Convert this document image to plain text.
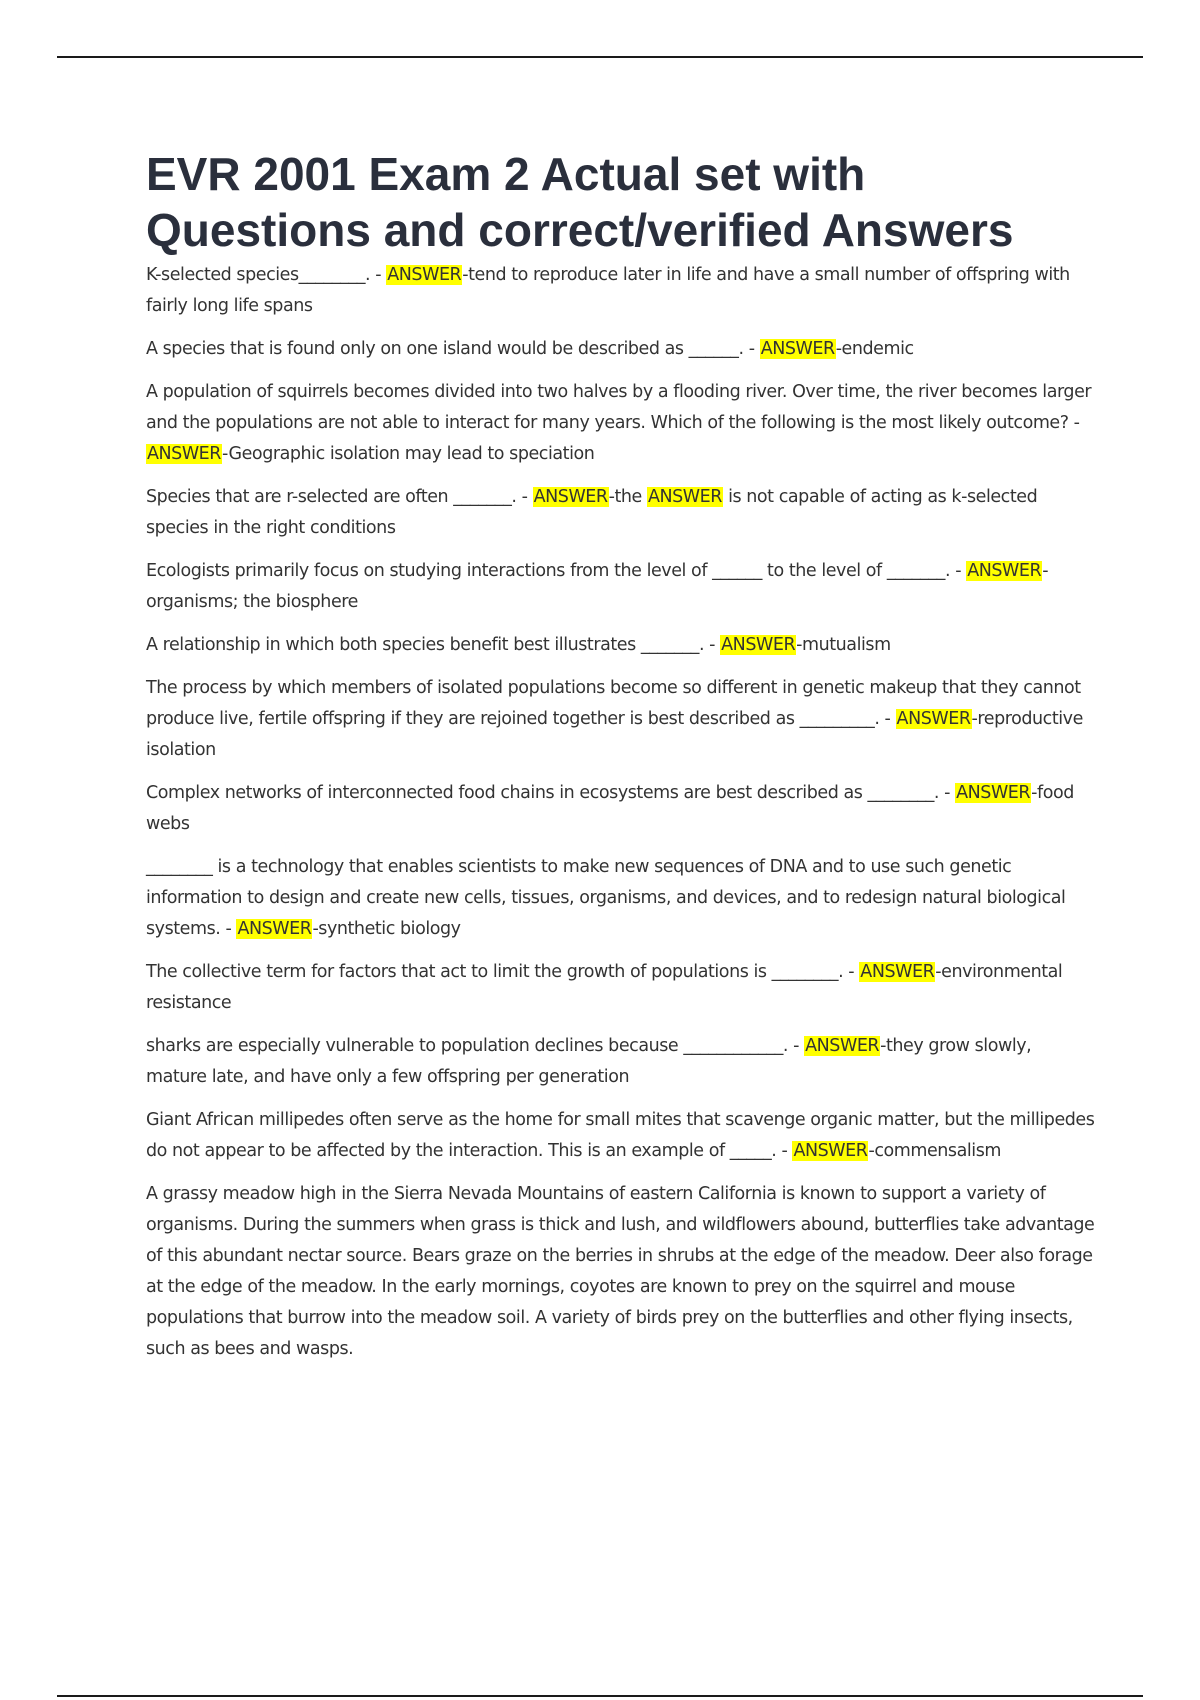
EVR 2001 Exam 2 Actual set with Questions and correct/verified Answers

K-selected species________. - ANSWER-tend to reproduce later in life and have a small number of offspring with fairly long life spans

A species that is found only on one island would be described as ______. - ANSWER-endemic

A population of squirrels becomes divided into two halves by a flooding river. Over time, the river becomes larger and the populations are not able to interact for many years. Which of the following is the most likely outcome? - ANSWER-Geographic isolation may lead to speciation

Species that are r-selected are often _______. - ANSWER-the ANSWER is not capable of acting as k-selected species in the right conditions

Ecologists primarily focus on studying interactions from the level of ______ to the level of _______. - ANSWER-organisms; the biosphere

A relationship in which both species benefit best illustrates _______. - ANSWER-mutualism

The process by which members of isolated populations become so different in genetic makeup that they cannot produce live, fertile offspring if they are rejoined together is best described as _________. - ANSWER-reproductive isolation

Complex networks of interconnected food chains in ecosystems are best described as ________. - ANSWER-food webs

________ is a technology that enables scientists to make new sequences of DNA and to use such genetic information to design and create new cells, tissues, organisms, and devices, and to redesign natural biological systems. - ANSWER-synthetic biology

The collective term for factors that act to limit the growth of populations is ________. - ANSWER-environmental resistance

sharks are especially vulnerable to population declines because ____________. - ANSWER-they grow slowly, mature late, and have only a few offspring per generation

Giant African millipedes often serve as the home for small mites that scavenge organic matter, but the millipedes do not appear to be affected by the interaction. This is an example of _____. - ANSWER-commensalism

A grassy meadow high in the Sierra Nevada Mountains of eastern California is known to support a variety of organisms. During the summers when grass is thick and lush, and wildflowers abound, butterflies take advantage of this abundant nectar source. Bears graze on the berries in shrubs at the edge of the meadow. Deer also forage at the edge of the meadow. In the early mornings, coyotes are known to prey on the squirrel and mouse populations that burrow into the meadow soil. A variety of birds prey on the butterflies and other flying insects, such as bees and wasps.
